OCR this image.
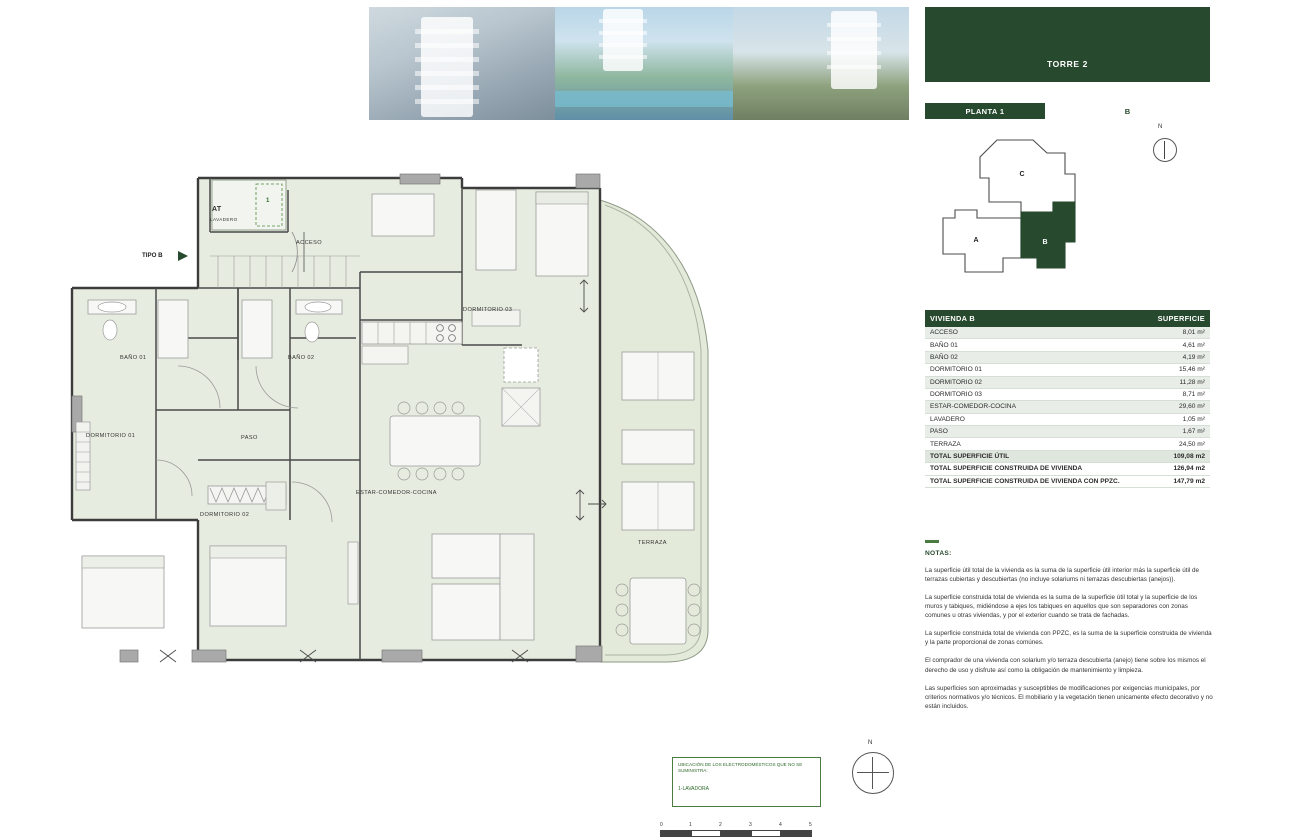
TORRE 2
PLANTA 1	B
C
A	B
N
VIVIENDA B	SUPERFICIE
ACCESO	8,01 m²
BAÑO 01	4,61 m²
BAÑO 02	4,19 m²
DORMITORIO 01	15,46 m²
DORMITORIO 02	11,28 m²
DORMITORIO 03	8,71 m²
ESTAR-COMEDOR-COCINA	29,60 m²
LAVADERO	1,05 m²
PASO	1,67 m²
TERRAZA	24,50 m²
TOTAL SUPERFICIE ÚTIL	109,08 m2
TOTAL SUPERFICIE CONSTRUIDA DE VIVIENDA	126,94 m2
TOTAL SUPERFICIE CONSTRUIDA DE VIVIENDA CON PPZC.	147,79 m2
NOTAS:

La superficie útil total de la vivienda es la suma de la superficie útil interior más la superficie útil de terrazas cubiertas y descubiertas (no incluye solariums ni terrazas descubiertas (anejos)).

La superficie construida total de vivienda es la suma de la superficie útil total y la superficie de los muros y tabiques, midiéndose a ejes los tabiques en aquellos que son separadores con zonas comunes u otras viviendas, y por el exterior cuando se trata de fachadas.

La superficie construida total de vivienda con PPZC, es la suma de la superficie construida de vivienda y la parte proporcional de zonas comúnes.

El comprador de una vivienda con solarium y/o terraza descubierta (anejo) tiene sobre los mismos el derecho de uso y disfrute así como la obligación de mantenimiento y limpieza.

Las superficies son aproximadas y susceptibles de modificaciones por exigencias municipales, por criterios normativos y/o técnicos. El mobiliario y la vegetación tienen unicamente efecto decorativo y no están incluidos.

TIPO B
AT
LAVADERO
1
ACCESO
DORMITORIO 03
BAÑO 01	BAÑO 02
DORMITORIO 01	PASO
DORMITORIO 02
ESTAR-COMEDOR-COCINA
TERRAZA
UBICACIÓN DE LOS ELECTRODOMÉSTICOS QUE NO SE SUMINISTRA:
1-LAVADORA
N
0	1	2	3	4	5
